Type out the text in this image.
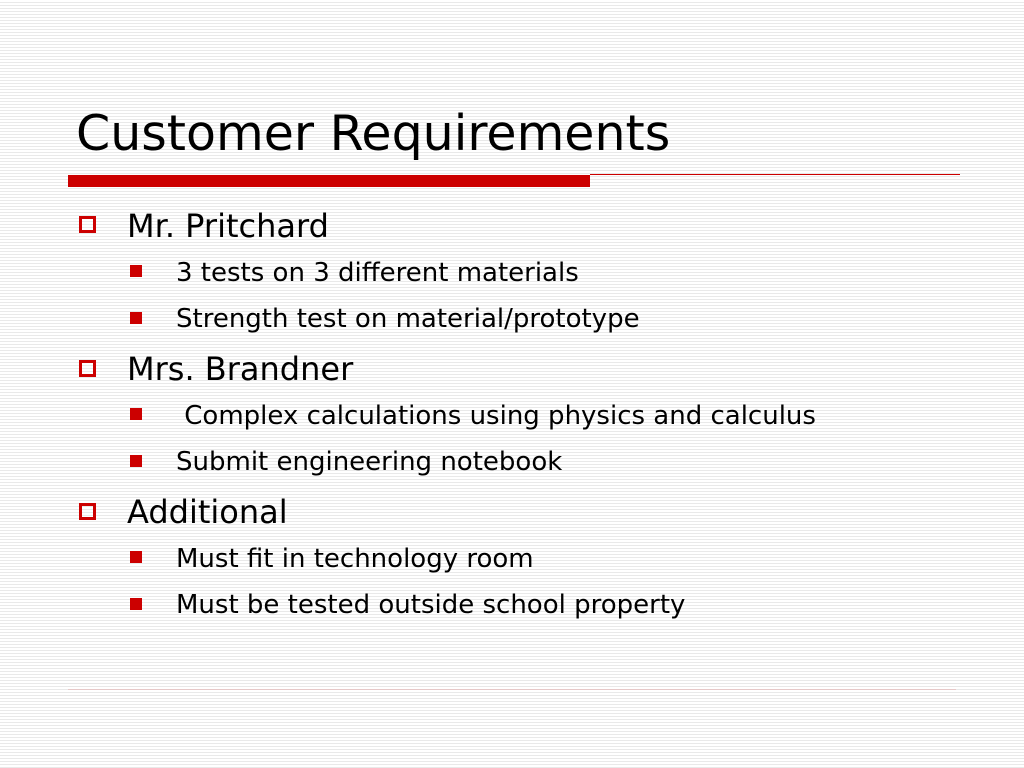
Customer Requirements
Mr. Pritchard
3 tests on 3 different materials
Strength test on material/prototype
Mrs. Brandner
Complex calculations using physics and calculus
Submit engineering notebook
Additional
Must fit in technology room
Must be tested outside school property
